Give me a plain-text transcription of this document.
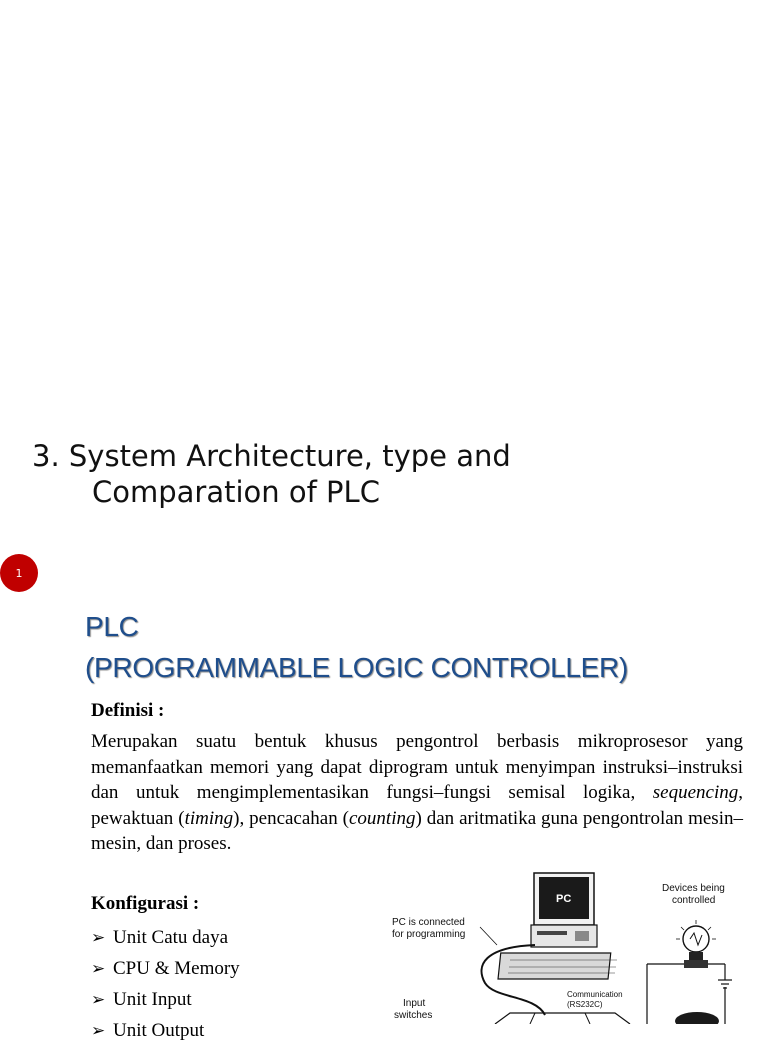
3. System Architecture, type and
Comparation of PLC
1
PLC
(PROGRAMMABLE LOGIC CONTROLLER)
Definisi :

Merupakan suatu bentuk khusus pengontrol berbasis mikroprosesor yang memanfaatkan memori yang dapat diprogram untuk menyimpan instruksi–instruksi dan untuk mengimplementasikan fungsi–fungsi semisal logika, sequencing, pewaktuan (timing), pencacahan (counting) dan aritmatika guna pengontrolan mesin–mesin, dan proses.

Konfigurasi :
➢ Unit Catu daya
➢ CPU & Memory
➢ Unit Input
➢ Unit Output
PC
PC is connected
for programming
Devices being
controlled
Communication
(RS232C)
Input
switches
